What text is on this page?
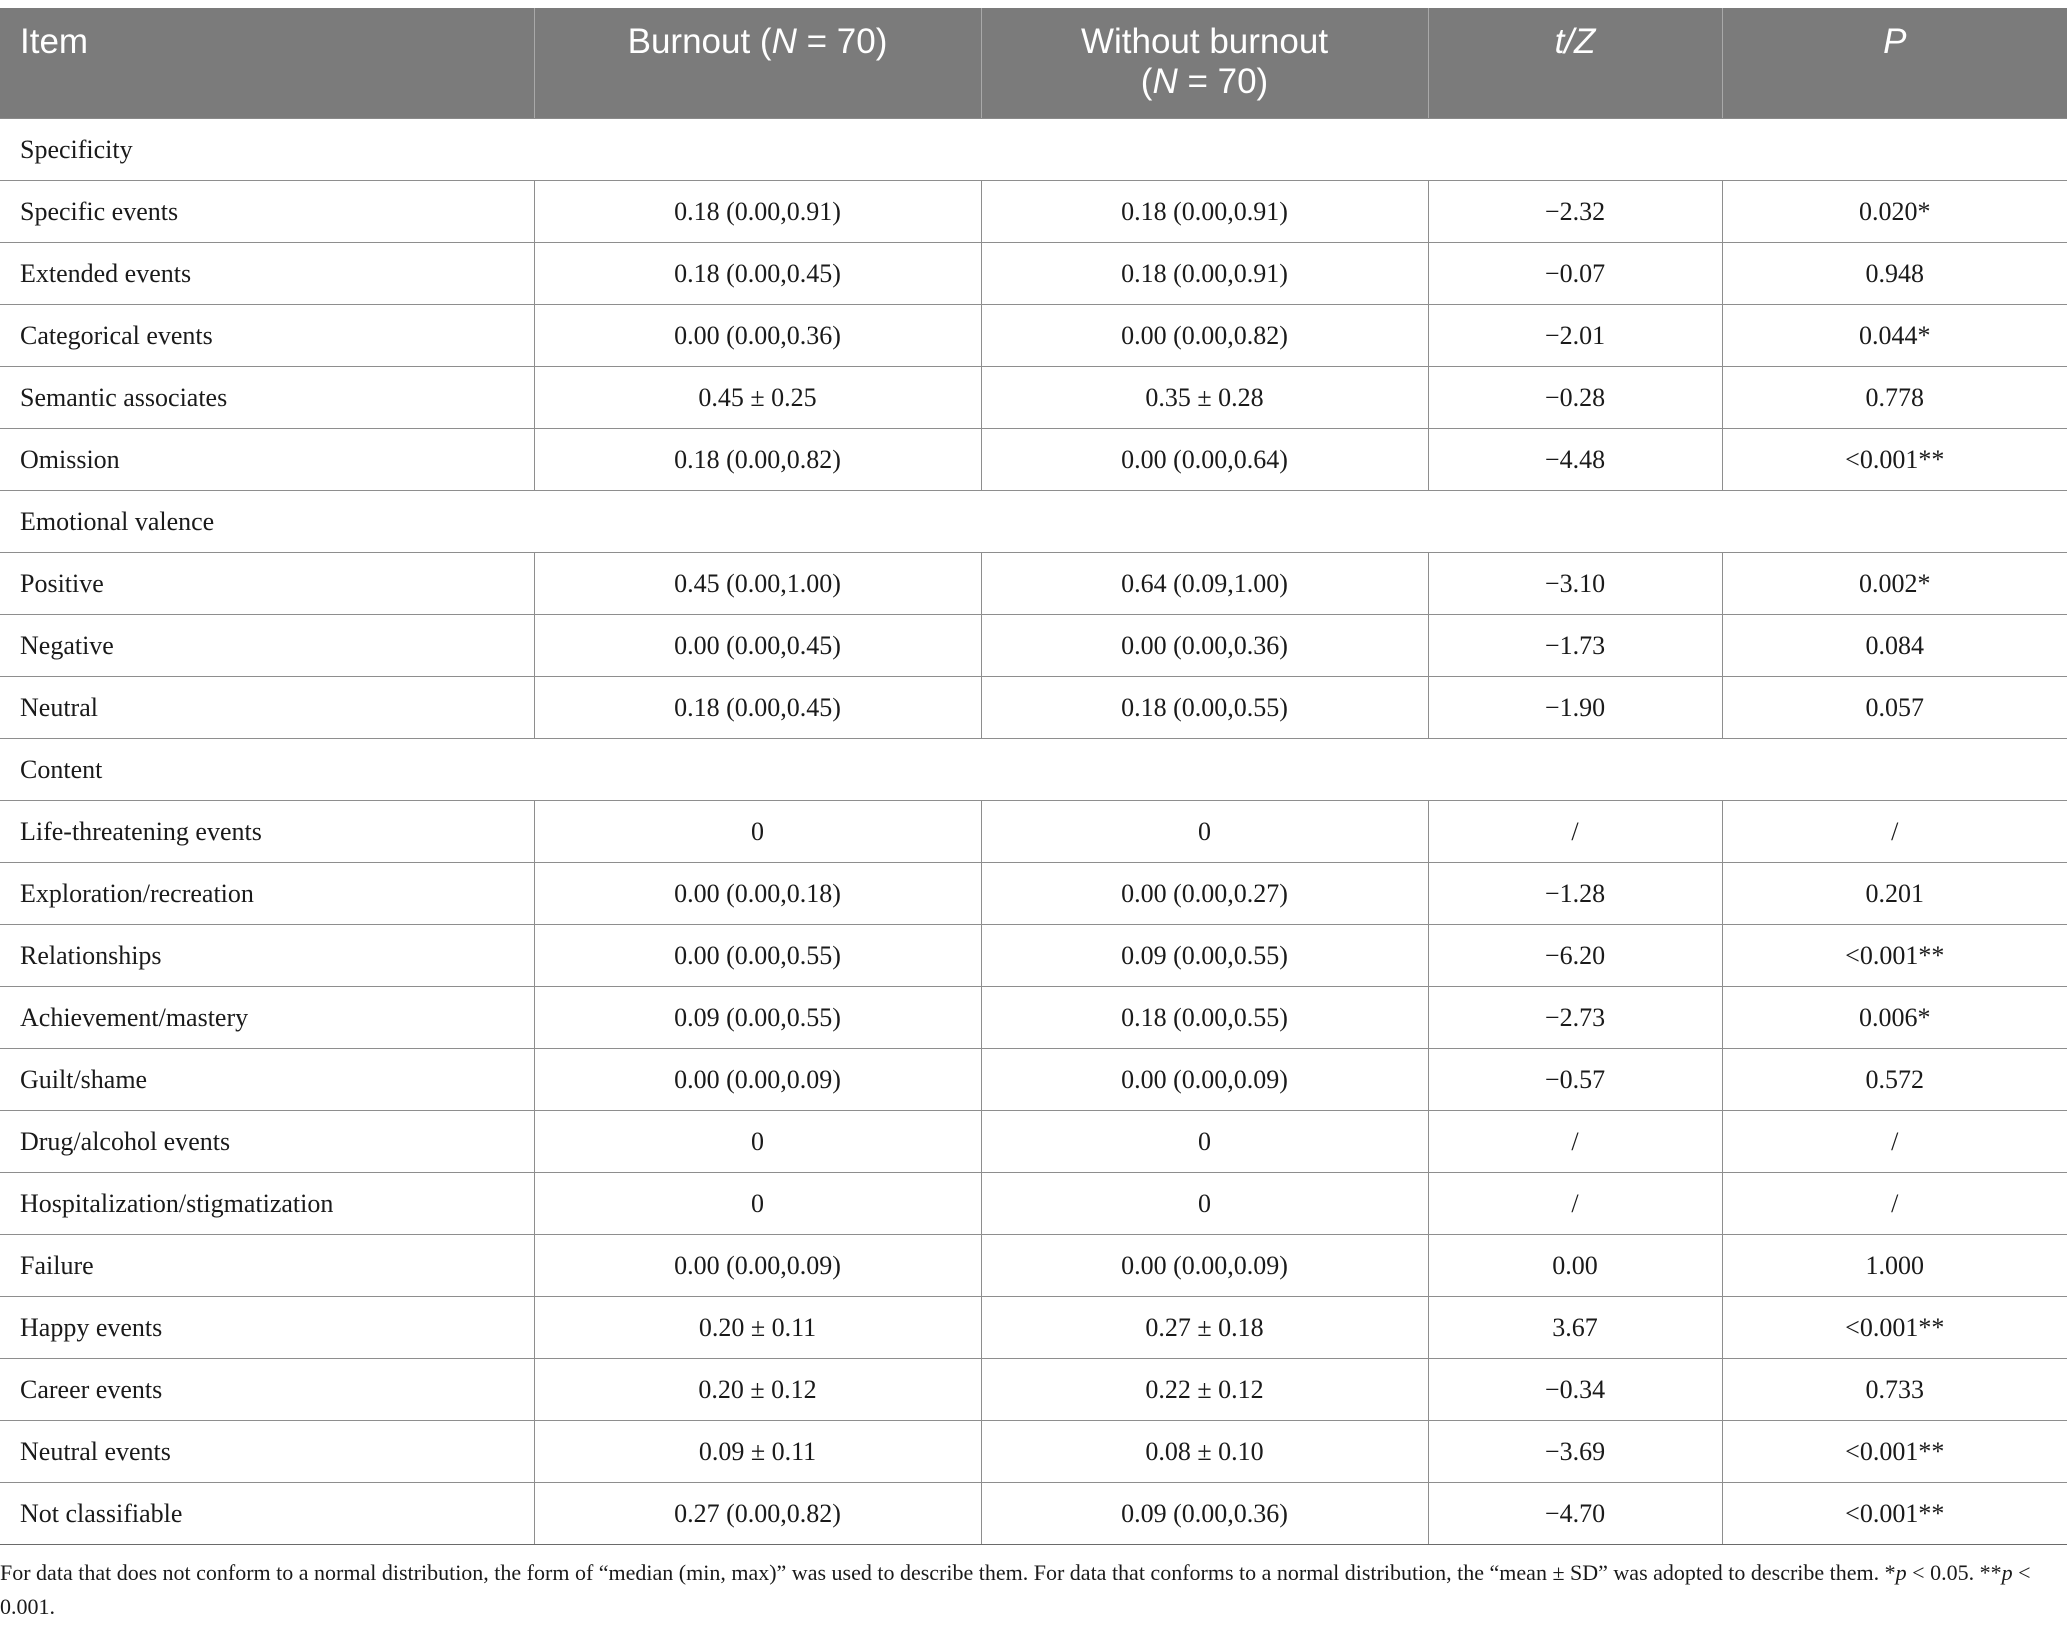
Item	Burnout (N = 70)	Without burnout
(N = 70)	t/Z	P

Specificity				
Specific events	0.18 (0.00,0.91)	0.18 (0.00,0.91)	−2.32	0.020*
Extended events	0.18 (0.00,0.45)	0.18 (0.00,0.91)	−0.07	0.948
Categorical events	0.00 (0.00,0.36)	0.00 (0.00,0.82)	−2.01	0.044*
Semantic associates	0.45 ± 0.25	0.35 ± 0.28	−0.28	0.778
Omission	0.18 (0.00,0.82)	0.00 (0.00,0.64)	−4.48	<0.001**
Emotional valence				
Positive	0.45 (0.00,1.00)	0.64 (0.09,1.00)	−3.10	0.002*
Negative	0.00 (0.00,0.45)	0.00 (0.00,0.36)	−1.73	0.084
Neutral	0.18 (0.00,0.45)	0.18 (0.00,0.55)	−1.90	0.057
Content				
Life-threatening events	0	0	/	/
Exploration/recreation	0.00 (0.00,0.18)	0.00 (0.00,0.27)	−1.28	0.201
Relationships	0.00 (0.00,0.55)	0.09 (0.00,0.55)	−6.20	<0.001**
Achievement/mastery	0.09 (0.00,0.55)	0.18 (0.00,0.55)	−2.73	0.006*
Guilt/shame	0.00 (0.00,0.09)	0.00 (0.00,0.09)	−0.57	0.572
Drug/alcohol events	0	0	/	/
Hospitalization/stigmatization	0	0	/	/
Failure	0.00 (0.00,0.09)	0.00 (0.00,0.09)	0.00	1.000
Happy events	0.20 ± 0.11	0.27 ± 0.18	3.67	<0.001**
Career events	0.20 ± 0.12	0.22 ± 0.12	−0.34	0.733
Neutral events	0.09 ± 0.11	0.08 ± 0.10	−3.69	<0.001**
Not classifiable	0.27 (0.00,0.82)	0.09 (0.00,0.36)	−4.70	<0.001**
For data that does not conform to a normal distribution, the form of “median (min, max)” was used to describe them. For data that conforms to a normal distribution, the “mean ± SD” was adopted to describe them. *p < 0.05. **p < 0.001.
